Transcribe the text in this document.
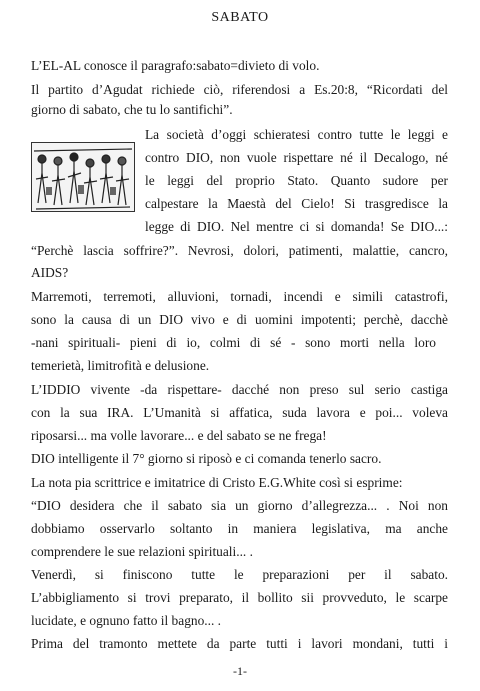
SABATO
L’EL-AL conosce il paragrafo:sabato=divieto di volo.
Il partito d’Agudat richiede ciò, riferendosi a Es.20:8, “Ricordati del
giorno di sabato, che tu lo santifichi”.
La società d’oggi schieratesi contro tutte le leggi e
contro DIO, non vuole rispettare né il Decalogo, né
le leggi del proprio Stato. Quanto sudore per
calpestare la Maestà del Cielo! Si trasgredisce la
legge di DIO. Nel mentre ci si domanda! Se DIO...:
“Perchè lascia soffrire?”. Nevrosi, dolori, patimenti, malattie, cancro,
AIDS?
Marremoti, terremoti, alluvioni, tornadi, incendi e simili catastrofi,
sono la causa di un DIO vivo e di uomini impotenti; perchè, dacchè
-nani spirituali- pieni di io, colmi di sé - sono morti nella loro
temerietà, limitrofità e delusione.
L’IDDIO vivente -da rispettare- dacché non preso sul serio castiga
con la sua IRA. L’Umanità si affatica, suda lavora e poi... voleva
riposarsi... ma volle lavorare... e del sabato se ne frega!
DIO intelligente il 7° giorno si riposò e ci comanda tenerlo sacro.
La nota pia scrittrice e imitatrice di Cristo E.G.White così si esprime:
“DIO desidera che il sabato sia un giorno d’allegrezza... . Noi non
dobbiamo osservarlo soltanto in maniera legislativa, ma anche
comprendere le sue relazioni spirituali... .
Venerdì, si finiscono tutte le preparazioni per il sabato.
L’abbigliamento si trovi preparato, il bollito sii provveduto, le scarpe
lucidate, e ognuno fatto il bagno... .
Prima del tramonto mettete da parte tutti i lavori mondani, tutti i
-1-
